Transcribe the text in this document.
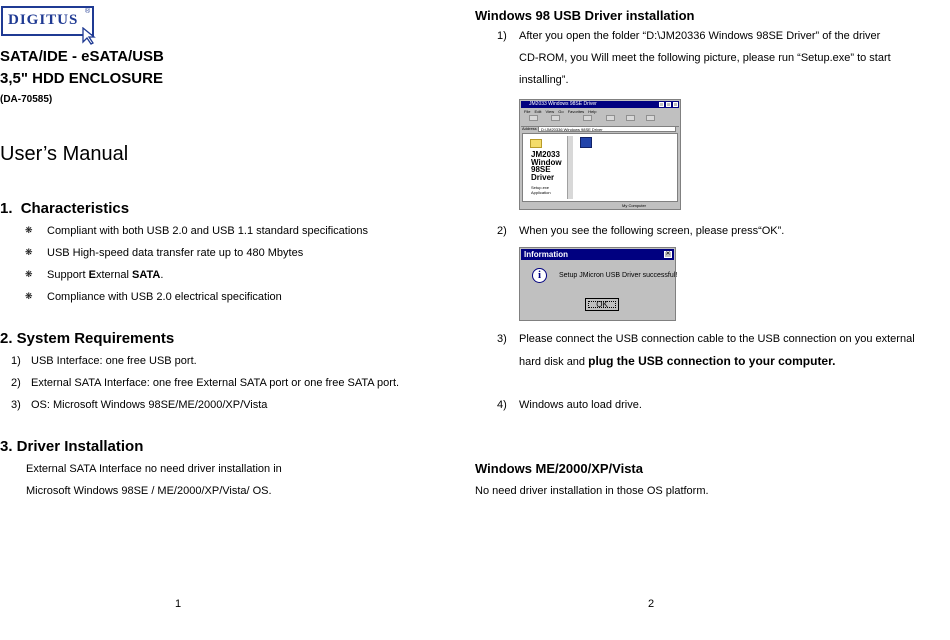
DIGITUS
®
SATA/IDE - eSATA/USB
3,5" HDD ENCLOSURE
(DA-70585)
User’s Manual
1. Characteristics
❋ Compliant with both USB 2.0 and USB 1.1 standard specifications
❋ USB High-speed data transfer rate up to 480 Mbytes
❋ Support External SATA.
❋ Compliance with USB 2.0 electrical specification
2. System Requirements
1) USB Interface: one free USB port.
2) External SATA Interface: one free External SATA port or one free SATA port.
3) OS: Microsoft Windows 98SE/ME/2000/XP/Vista
3. Driver Installation
External SATA Interface no need driver installation in
Microsoft Windows 98SE / ME/2000/XP/Vista/ OS.
1
Windows 98 USB Driver installation
1) After you open the folder “D:\JM20336 Windows 98SE Driver” of the driver
CD-ROM, you Will meet the following picture, please run “Setup.exe” to start
installing”.
JM2033 Windows 98SE Driver
File Edit View Go Favorites Help
Address	D:\JM20336 Windows 98SE Driver
JM2033
Window
98SE
Driver
Setup.exe
Application
My Computer
2) When you see the following screen, please press“OK”.
Information	✕
i	Setup JMicron USB Driver successful!
OK
3) Please connect the USB connection cable to the USB connection on you external
hard disk and plug the USB connection to your computer.
4) Windows auto load drive.
Windows ME/2000/XP/Vista
No need driver installation in those OS platform.
2
